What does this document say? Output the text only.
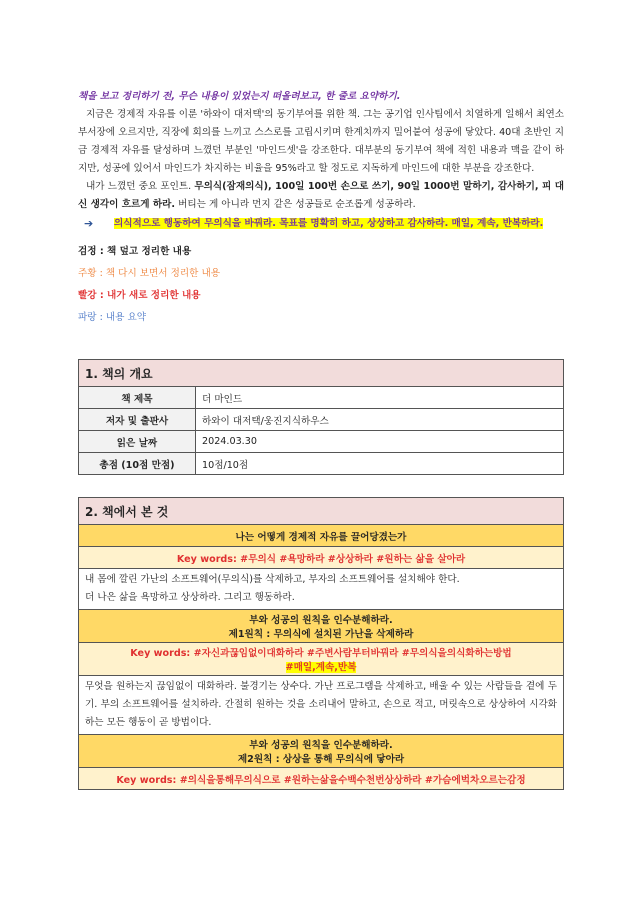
책을 보고 정리하기 전, 무슨 내용이 있었는지 떠올려보고, 한 줄로 요약하기.

지금은 경제적 자유를 이룬 '하와이 대저택'의 동기부여를 위한 책. 그는 공기업 인사팀에서 치열하게 일해서 최연소 부서장에 오르지만, 직장에 회의를 느끼고 스스로를 고립시키며 한계치까지 밀어붙여 성공에 닿았다. 40대 초반인 지금 경제적 자유를 달성하며 느꼈던 부분인 '마인드셋'을 강조한다. 대부분의 동기부여 책에 적힌 내용과 맥을 같이 하지만, 성공에 있어서 마인드가 차지하는 비율을 95%라고 할 정도로 지독하게 마인드에 대한 부분을 강조한다.

내가 느꼈던 중요 포인트. 무의식(잠재의식), 100일 100번 손으로 쓰기, 90일 1000번 말하기, 감사하기, 피 대신 생각이 흐르게 하라. 버티는 게 아니라 먼지 같은 성공들로 순조롭게 성공하라.

➔	의식적으로 행동하여 무의식을 바꿔라. 목표를 명확히 하고, 상상하고 감사하라. 매일, 계속, 반복하라.

검정 : 책 덮고 정리한 내용

주황 : 책 다시 보면서 정리한 내용

빨강 : 내가 새로 정리한 내용

파랑 : 내용 요약

1. 책의 개요	
책 제목	더 마인드
저자 및 출판사	하와이 대저택/웅진지식하우스
읽은 날짜	2024.03.30
총점 (10점 만점)	10점/10점
2. 책에서 본 것
나는 어떻게 경제적 자유를 끌어당겼는가
Key words: #무의식 #욕망하라 #상상하라 #원하는 삶을 살아라

내 몸에 깔린 가난의 소프트웨어(무의식)를 삭제하고, 부자의 소프트웨어를 설치해야 한다.
더 나은 삶을 욕망하고 상상하라. 그리고 행동하라.

부와 성공의 원칙을 인수분해하라.
제1원칙 : 무의식에 설치된 가난을 삭제하라

Key words: #자신과끊임없이대화하라 #주변사람부터바꿔라 #무의식을의식화하는방법
#매일,계속,반복

무엇을 원하는지 끊임없이 대화하라. 불경기는 상수다. 가난 프로그램을 삭제하고, 배울 수 있는 사람들을 곁에 두기. 부의 소프트웨어를 설치하라. 간절히 원하는 것을 소리내어 말하고, 손으로 적고, 머릿속으로 상상하여 시각화하는 모든 행동이 곧 방법이다.

부와 성공의 원칙을 인수분해하라.
제2원칙 : 상상을 통해 무의식에 닿아라

Key words: #의식을통해무의식으로 #원하는삶을수백수천번상상하라 #가슴에벅차오르는감정
